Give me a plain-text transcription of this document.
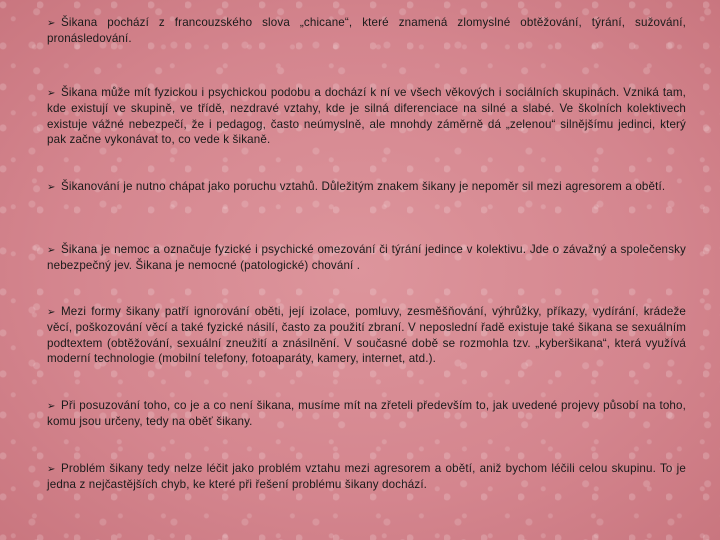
➢ Šikana pochází z francouzského slova „chicane“, které znamená zlomyslné obtěžování, týrání, sužování, pronásledování.

➢ Šikana může mít fyzickou i psychickou podobu a dochází k ní ve všech věkových i sociálních skupinách. Vzniká tam, kde existují ve skupině, ve třídě, nezdravé vztahy, kde je silná diferenciace na silné a slabé. Ve školních kolektivech existuje vážné nebezpečí, že i pedagog, často neúmyslně, ale mnohdy záměrně dá „zelenou“ silnějšímu jedinci, který pak začne vykonávat to, co vede k šikaně.

➢ Šikanování je nutno chápat jako poruchu vztahů. Důležitým znakem šikany je nepoměr sil mezi agresorem a obětí.

➢ Šikana je nemoc a označuje fyzické i psychické omezování či týrání jedince v kolektivu. Jde o závažný a společensky nebezpečný jev. Šikana je nemocné (patologické) chování .

➢ Mezi formy šikany patří ignorování oběti, její izolace, pomluvy, zesměšňování, výhrůžky, příkazy, vydírání, krádeže věcí, poškozování věcí a také fyzické násilí, často za použití zbraní. V neposlední řadě existuje také šikana se sexuálním podtextem (obtěžování, sexuální zneužití a znásilnění. V současné době se rozmohla tzv. „kyberšikana“, která využívá moderní technologie (mobilní telefony, fotoaparáty, kamery, internet, atd.).

➢ Při posuzování toho, co je a co není šikana, musíme mít na zřeteli především to, jak uvedené projevy působí na toho, komu jsou určeny, tedy na oběť šikany.

➢ Problém šikany tedy nelze léčit jako problém vztahu mezi agresorem a obětí, aniž bychom léčili celou skupinu. To je jedna z nejčastějších chyb, ke které při řešení problému šikany dochází.
